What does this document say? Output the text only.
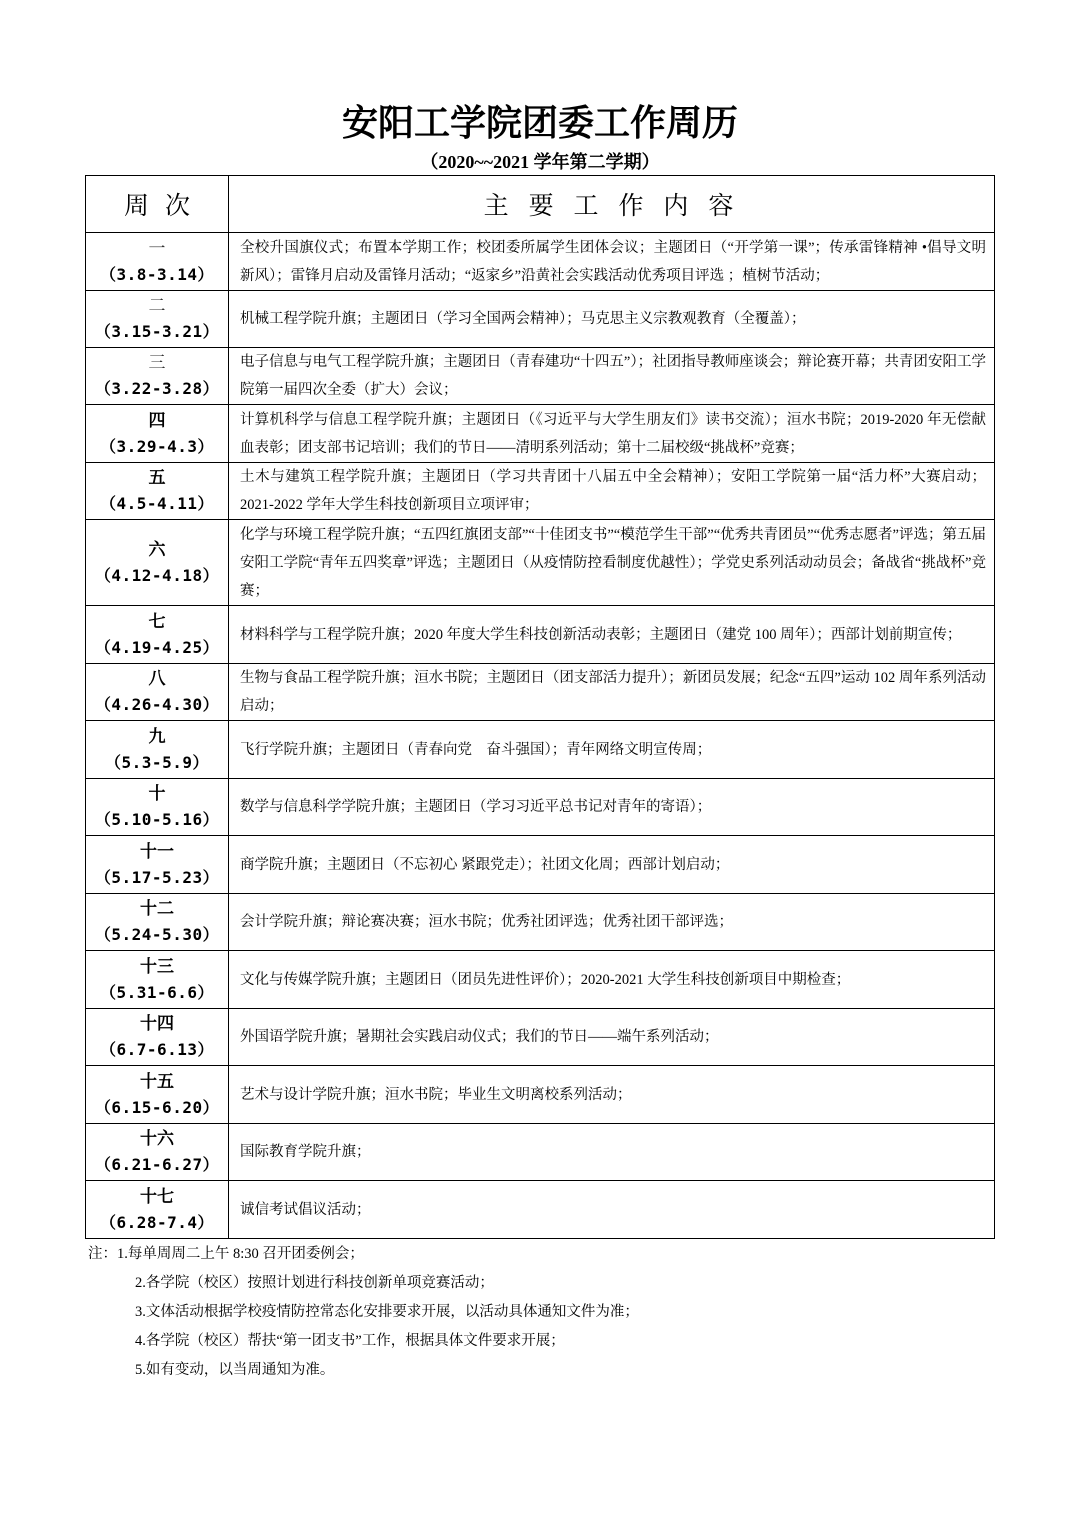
安阳工学院团委工作周历
（2020~~2021 学年第二学期）
周  次	主 要 工 作 内 容

一
（3.8-3.14）	全校升国旗仪式；布置本学期工作；校团委所属学生团体会议；主题团日（“开学第一课”；传承雷锋精神 •倡导文明新风）；雷锋月启动及雷锋月活动；“返家乡”沿黄社会实践活动优秀项目评选 ；植树节活动；

二
（3.15-3.21）	机械工程学院升旗；主题团日（学习全国两会精神）；马克思主义宗教观教育（全覆盖）；

三
（3.22-3.28）	电子信息与电气工程学院升旗；主题团日（青春建功“十四五”）；社团指导教师座谈会；辩论赛开幕；共青团安阳工学院第一届四次全委（扩大）会议；

四
（3.29-4.3）	计算机科学与信息工程学院升旗；主题团日（《习近平与大学生朋友们》读书交流）；洹水书院；2019-2020 年无偿献血表彰；团支部书记培训；我们的节日——清明系列活动；第十二届校级“挑战杯”竞赛；

五
（4.5-4.11）	土木与建筑工程学院升旗；主题团日（学习共青团十八届五中全会精神）；安阳工学院第一届“活力杯”大赛启动；2021-2022 学年大学生科技创新项目立项评审；

六
（4.12-4.18）	化学与环境工程学院升旗；“五四红旗团支部”“十佳团支书”“模范学生干部”“优秀共青团员”“优秀志愿者”评选；第五届安阳工学院“青年五四奖章”评选；主题团日（从疫情防控看制度优越性）；学党史系列活动动员会；备战省“挑战杯”竞赛；

七
（4.19-4.25）	材料科学与工程学院升旗；2020 年度大学生科技创新活动表彰；主题团日（建党 100 周年）；西部计划前期宣传；

八
（4.26-4.30）	生物与食品工程学院升旗；洹水书院；主题团日（团支部活力提升）；新团员发展；纪念“五四”运动 102 周年系列活动启动；

九
（5.3-5.9）	飞行学院升旗；主题团日（青春向党　奋斗强国）；青年网络文明宣传周；

十
（5.10-5.16）	数学与信息科学学院升旗；主题团日（学习习近平总书记对青年的寄语）；

十一
（5.17-5.23）	商学院升旗；主题团日（不忘初心 紧跟党走）；社团文化周；西部计划启动；

十二
（5.24-5.30）	会计学院升旗；辩论赛决赛；洹水书院；优秀社团评选；优秀社团干部评选；

十三
（5.31-6.6）	文化与传媒学院升旗；主题团日（团员先进性评价）；2020-2021 大学生科技创新项目中期检查；

十四
（6.7-6.13）	外国语学院升旗；暑期社会实践启动仪式；我们的节日——端午系列活动；

十五
（6.15-6.20）	艺术与设计学院升旗；洹水书院；毕业生文明离校系列活动；

十六
（6.21-6.27）	国际教育学院升旗；

十七
（6.28-7.4）	诚信考试倡议活动；
注：1.每单周周二上午 8:30 召开团委例会；
2.各学院（校区）按照计划进行科技创新单项竞赛活动；
3.文体活动根据学校疫情防控常态化安排要求开展，以活动具体通知文件为准；
4.各学院（校区）帮扶“第一团支书”工作，根据具体文件要求开展；
5.如有变动，以当周通知为准。
